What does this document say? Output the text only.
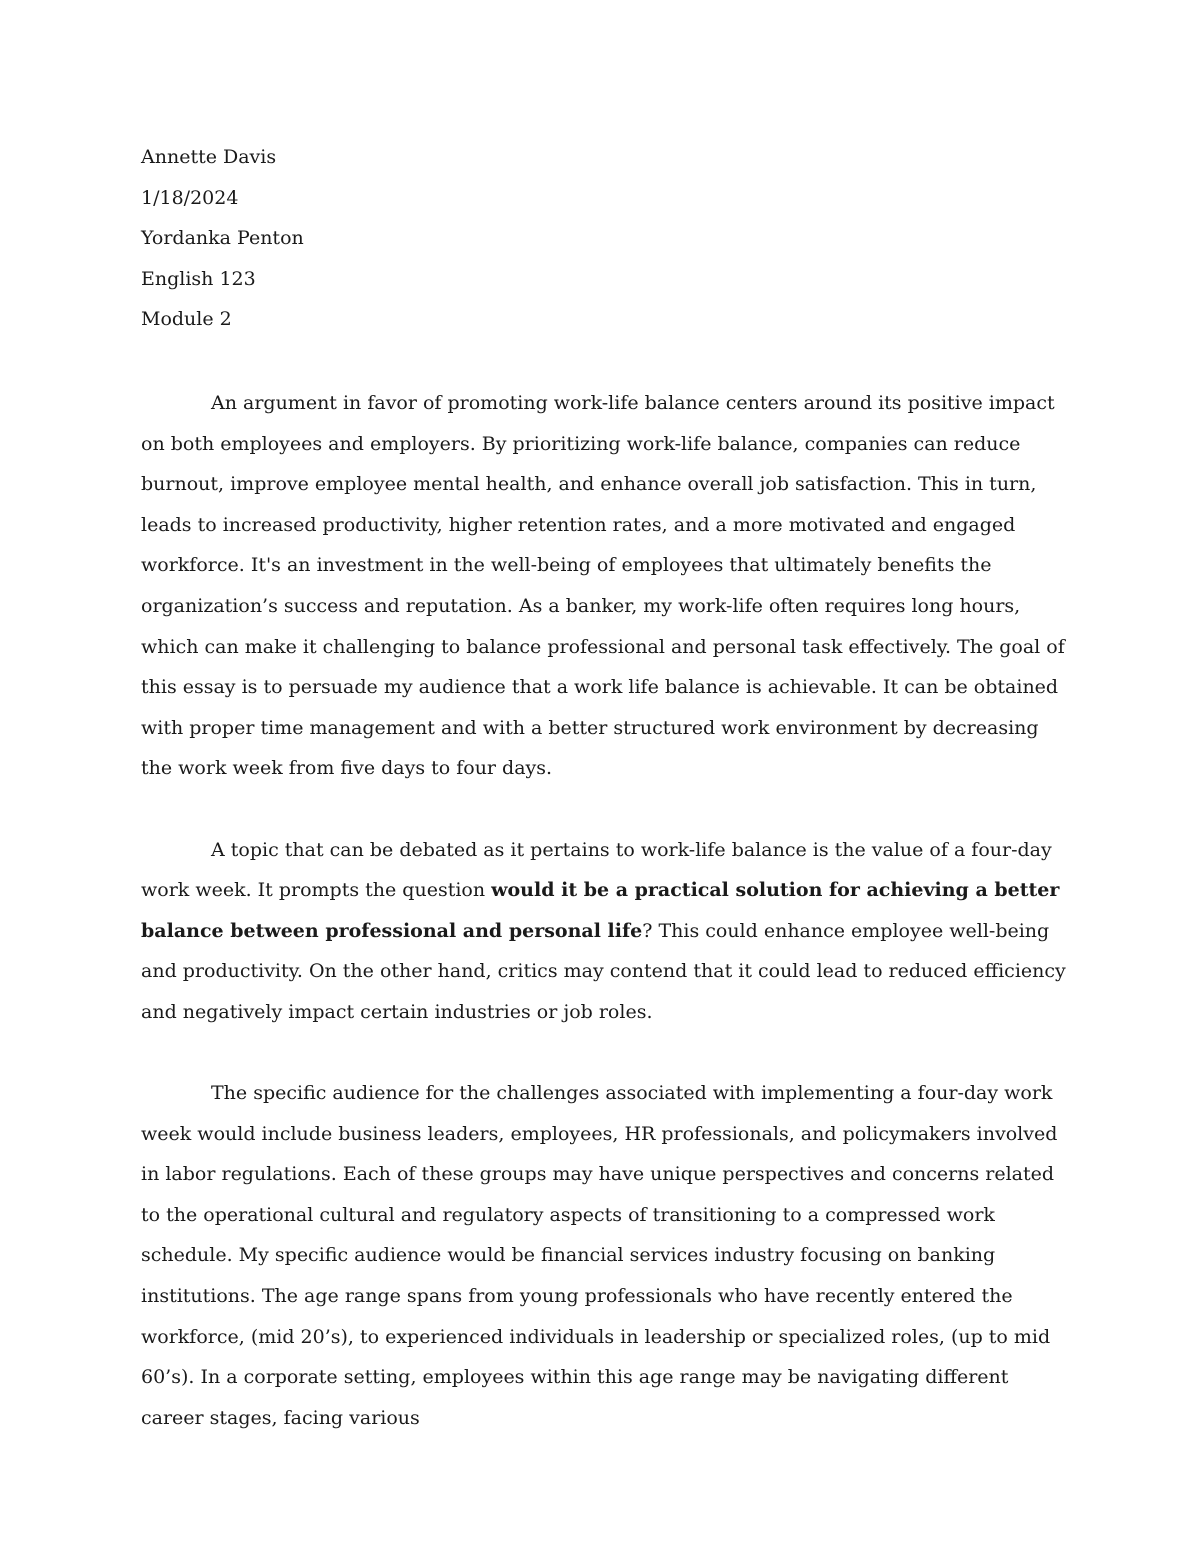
Annette Davis
1/18/2024
Yordanka Penton
English 123
Module 2

An argument in favor of promoting work-life balance centers around its positive impact on both employees and employers. By prioritizing work-life balance, companies can reduce burnout, improve employee mental health, and enhance overall job satisfaction. This in turn, leads to increased productivity, higher retention rates, and a more motivated and engaged workforce. It's an investment in the well-being of employees that ultimately benefits the organization’s success and reputation. As a banker, my work-life often requires long hours, which can make it challenging to balance professional and personal task effectively. The goal of this essay is to persuade my audience that a work life balance is achievable. It can be obtained with proper time management and with a better structured work environment by decreasing the work week from five days to four days.

A topic that can be debated as it pertains to work-life balance is the value of a four-day work week. It prompts the question would it be a practical solution for achieving a better balance between professional and personal life? This could enhance employee well-being and productivity. On the other hand, critics may contend that it could lead to reduced efficiency and negatively impact certain industries or job roles.

The specific audience for the challenges associated with implementing a four-day work week would include business leaders, employees, HR professionals, and policymakers involved in labor regulations. Each of these groups may have unique perspectives and concerns related to the operational cultural and regulatory aspects of transitioning to a compressed work schedule. My specific audience would be financial services industry focusing on banking institutions. The age range spans from young professionals who have recently entered the workforce, (mid 20’s), to experienced individuals in leadership or specialized roles, (up to mid 60’s). In a corporate setting, employees within this age range may be navigating different career stages, facing various
